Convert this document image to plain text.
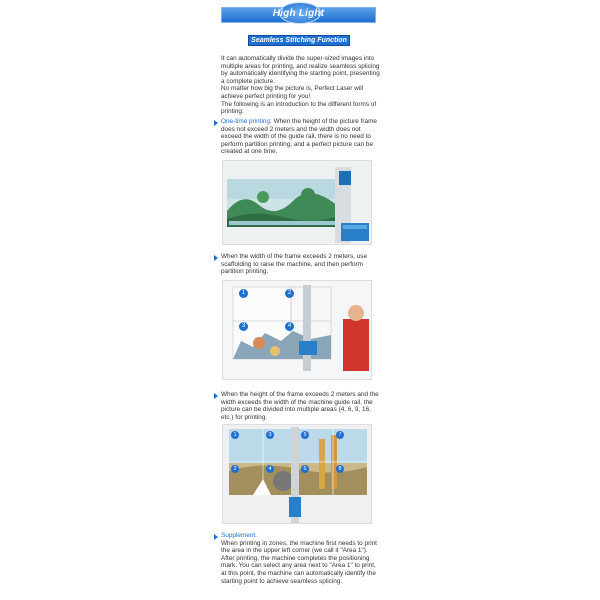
High Light
Seamless Stitching Function
It can automatically divide the super-sized images into multiple areas for printing, and realize seamless splicing by automatically identifying the starting point, presenting a complete picture.
No matter how big the picture is, Perfect Laser will achieve perfect printing for you!
The following is an introduction to the different forms of printing:
One-time printing: When the height of the picture frame does not exceed 2 meters and the width does not exceed the width of the guide rail, there is no need to perform partition printing, and a perfect picture can be created at one time.
When the width of the frame exceeds 2 meters, use scaffolding to raise the machine, and then perform partition printing.
1	2
3	4
When the height of the frame exceeds 2 meters and the width exceeds the width of the machine guide rail, the picture can be divided into multiple areas (4, 6, 9, 16, etc.) for printing.
1	3	5	7
2	4	6	8
Supplement:
When printing in zones, the machine first needs to print the area in the upper left corner (we call it "Area 1"). After printing, the machine completes the positioning mark. You can select any area next to "Area 1" to print, at this point, the machine can automatically identify the starting point to achieve seamless splicing.
